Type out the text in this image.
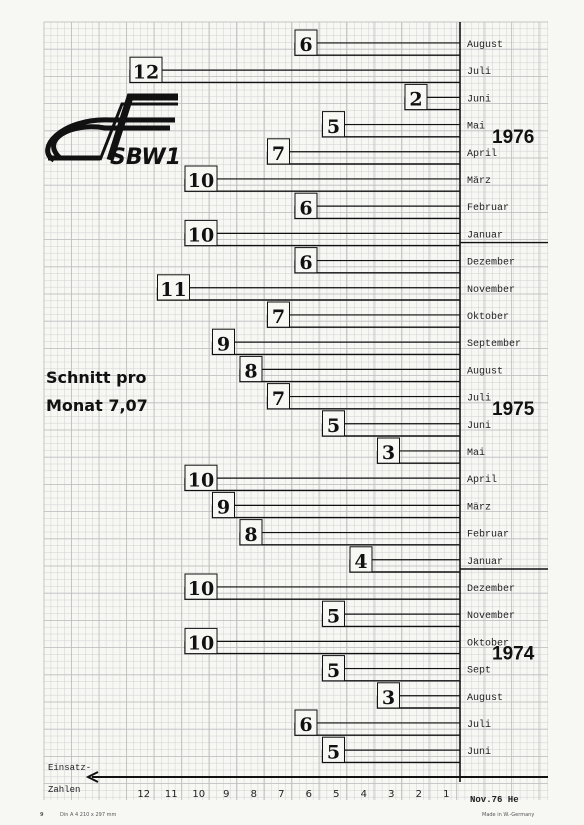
6
12
2
5
7
10
6
10
6
11
7
9
8
7
5
3
10
9
8
4
10
5
10
5
3
6
5
August
Juli
Juni
Mai
April
März
Februar
Januar
Dezember
November
Oktober
September
August
Juli
Juni
Mai
April
März
Februar
Januar
Dezember
November
Oktober
Sept
August
Juli
Juni
1976
1975
1974
12 11 10 9 8 7 6 5 4 3 2 1
SBW1
Schnitt pro
Monat 7,07
Einsatz-
Zahlen
Nov.76 He
Din A 4 210 x 297 mm	Made in W.-Germany
9
